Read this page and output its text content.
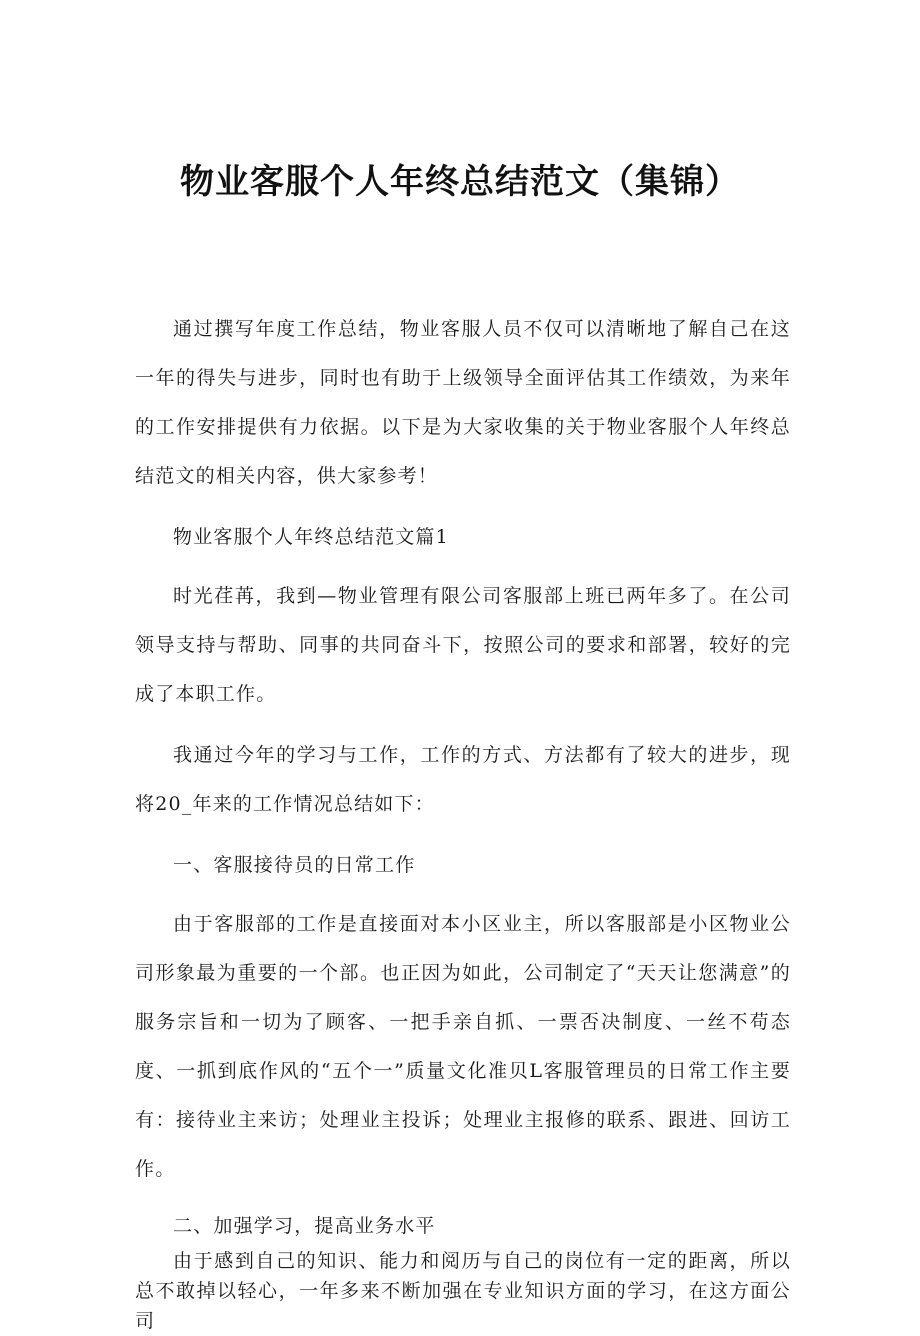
物业客服个人年终总结范文（集锦）

通过撰写年度工作总结，物业客服人员不仅可以清晰地了解自己在这一年的得失与进步，同时也有助于上级领导全面评估其工作绩效，为来年的工作安排提供有力依据。以下是为大家收集的关于物业客服个人年终总结范文的相关内容，供大家参考！

物业客服个人年终总结范文篇1

时光荏苒，我到—物业管理有限公司客服部上班已两年多了。在公司领导支持与帮助、同事的共同奋斗下，按照公司的要求和部署，较好的完成了本职工作。

我通过今年的学习与工作，工作的方式、方法都有了较大的进步，现将20_年来的工作情况总结如下：

一、客服接待员的日常工作

由于客服部的工作是直接面对本小区业主，所以客服部是小区物业公司形象最为重要的一个部。也正因为如此，公司制定了“天天让您满意”的服务宗旨和一切为了顾客、一把手亲自抓、一票否决制度、一丝不苟态度、一抓到底作风的“五个一”质量文化准贝L客服管理员的日常工作主要有：接待业主来访；处理业主投诉；处理业主报修的联系、跟进、回访工作。

二、加强学习，提高业务水平

由于感到自己的知识、能力和阅历与自己的岗位有一定的距离，所以总不敢掉以轻心，一年多来不断加强在专业知识方面的学习，在这方面公司
